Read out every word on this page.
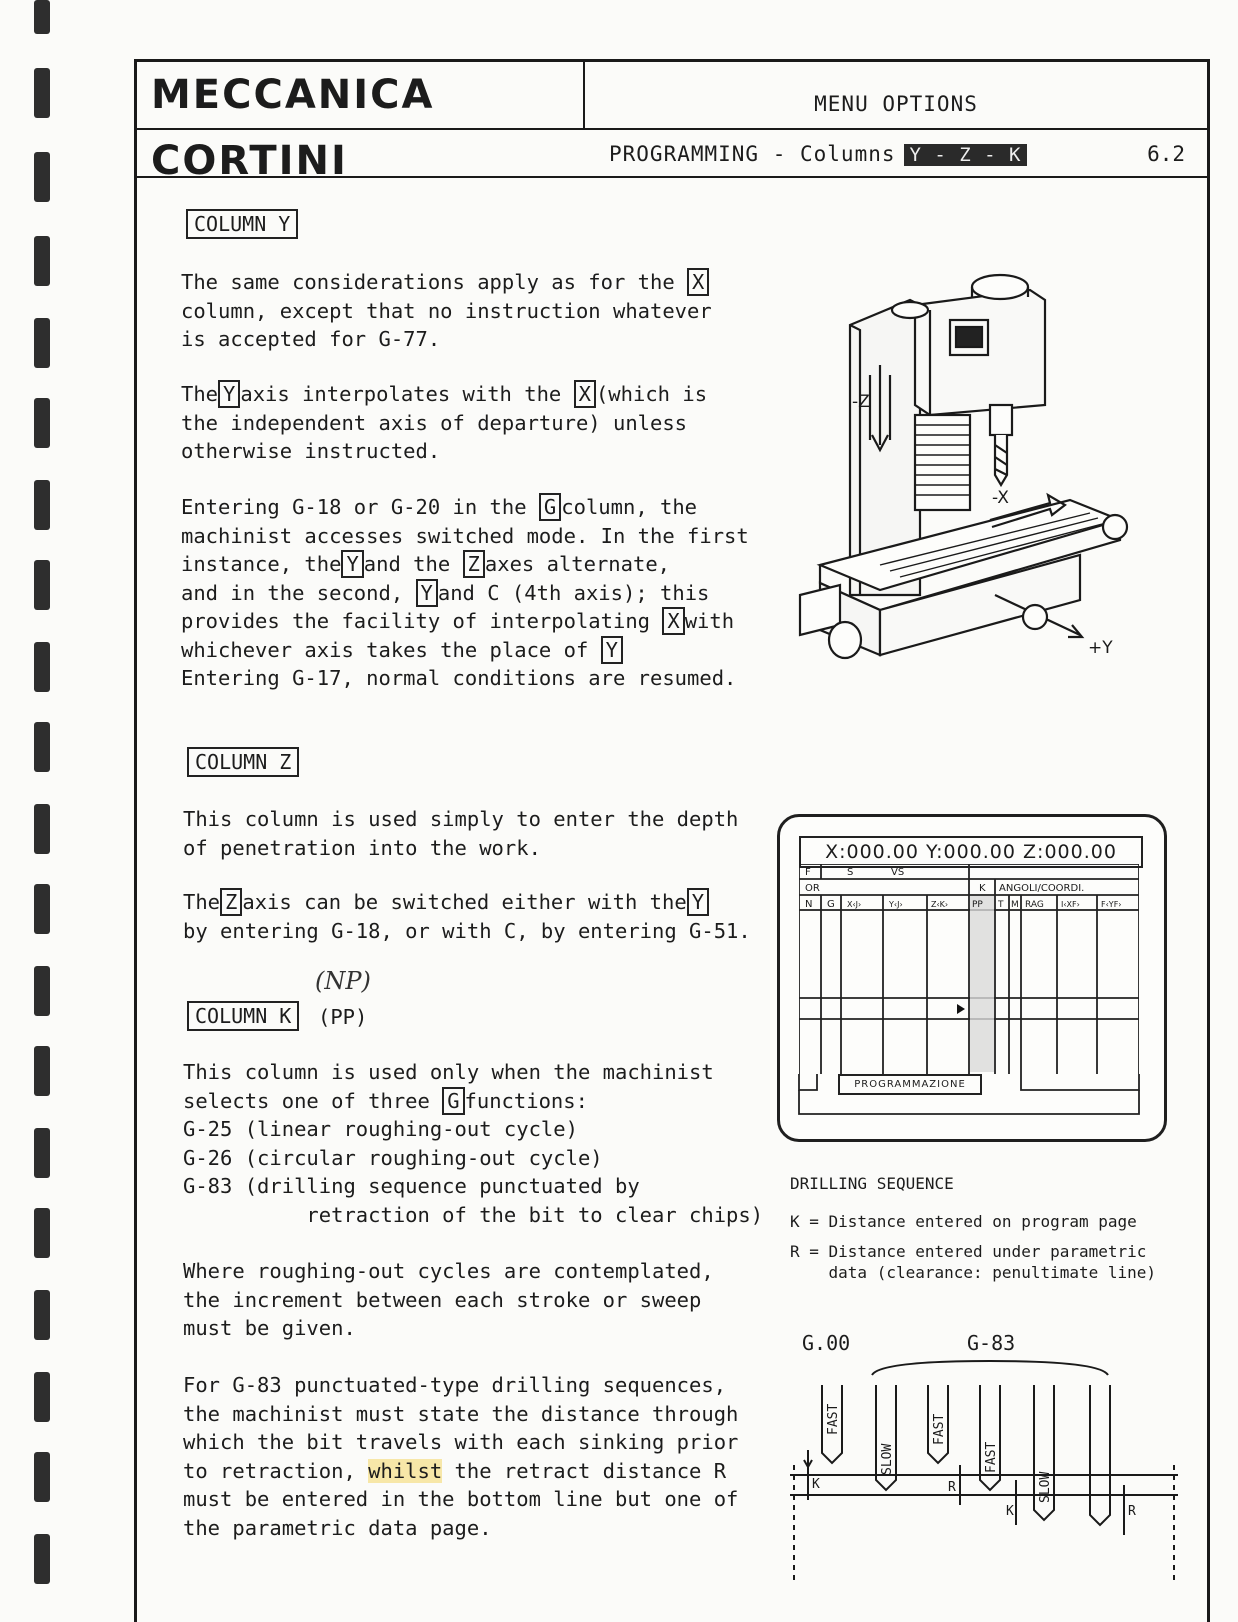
MECCANICA CORTINI
MENU OPTIONS
PROGRAMMING - Columns Y - Z - K	6.2
COLUMN Y
The same considerations apply as for the X
column, except that no instruction whatever
is accepted for G-77.
The Y axis interpolates with the X (which is
the independent axis of departure) unless
otherwise instructed.
Entering G-18 or G-20 in the G column, the
machinist accesses switched mode. In the first
instance, the Y and the Z axes alternate,
and in the second, Y and C (4th axis); this
provides the facility of interpolating X with
whichever axis takes the place of Y
Entering G-17, normal conditions are resumed.
-Z
-X
+Y
COLUMN Z
This column is used simply to enter the depth
of penetration into the work.
The Z axis can be switched either with the Y
by entering G-18, or with C, by entering G-51.
(NP)
COLUMN K	(PP)
This column is used only when the machinist
selects one of three G functions:
G-25 (linear roughing-out cycle)
G-26 (circular roughing-out cycle)
G-83 (drilling sequence punctuated by
retraction of the bit to clear chips)
Where roughing-out cycles are contemplated,
the increment between each stroke or sweep
must be given.
For G-83 punctuated-type drilling sequences,
the machinist must state the distance through
which the bit travels with each sinking prior
to retraction, whilst the retract distance R
must be entered in the bottom line but one of
the parametric data page.
X:000.00 Y:000.00 Z:000.00
F	S	VS
OR	K ANGOLI/COORDI.
N G X‹J›	Y‹J›	Z‹K›	PP T M RAG I‹XF›	F‹YF›
PROGRAMMAZIONE
DRILLING SEQUENCE
K = Distance entered on program page
R = Distance entered under parametric
data (clearance: penultimate line)
G.00	G-83
FAST
SLOW
FAST
FAST
SLOW
K	R
K	R
